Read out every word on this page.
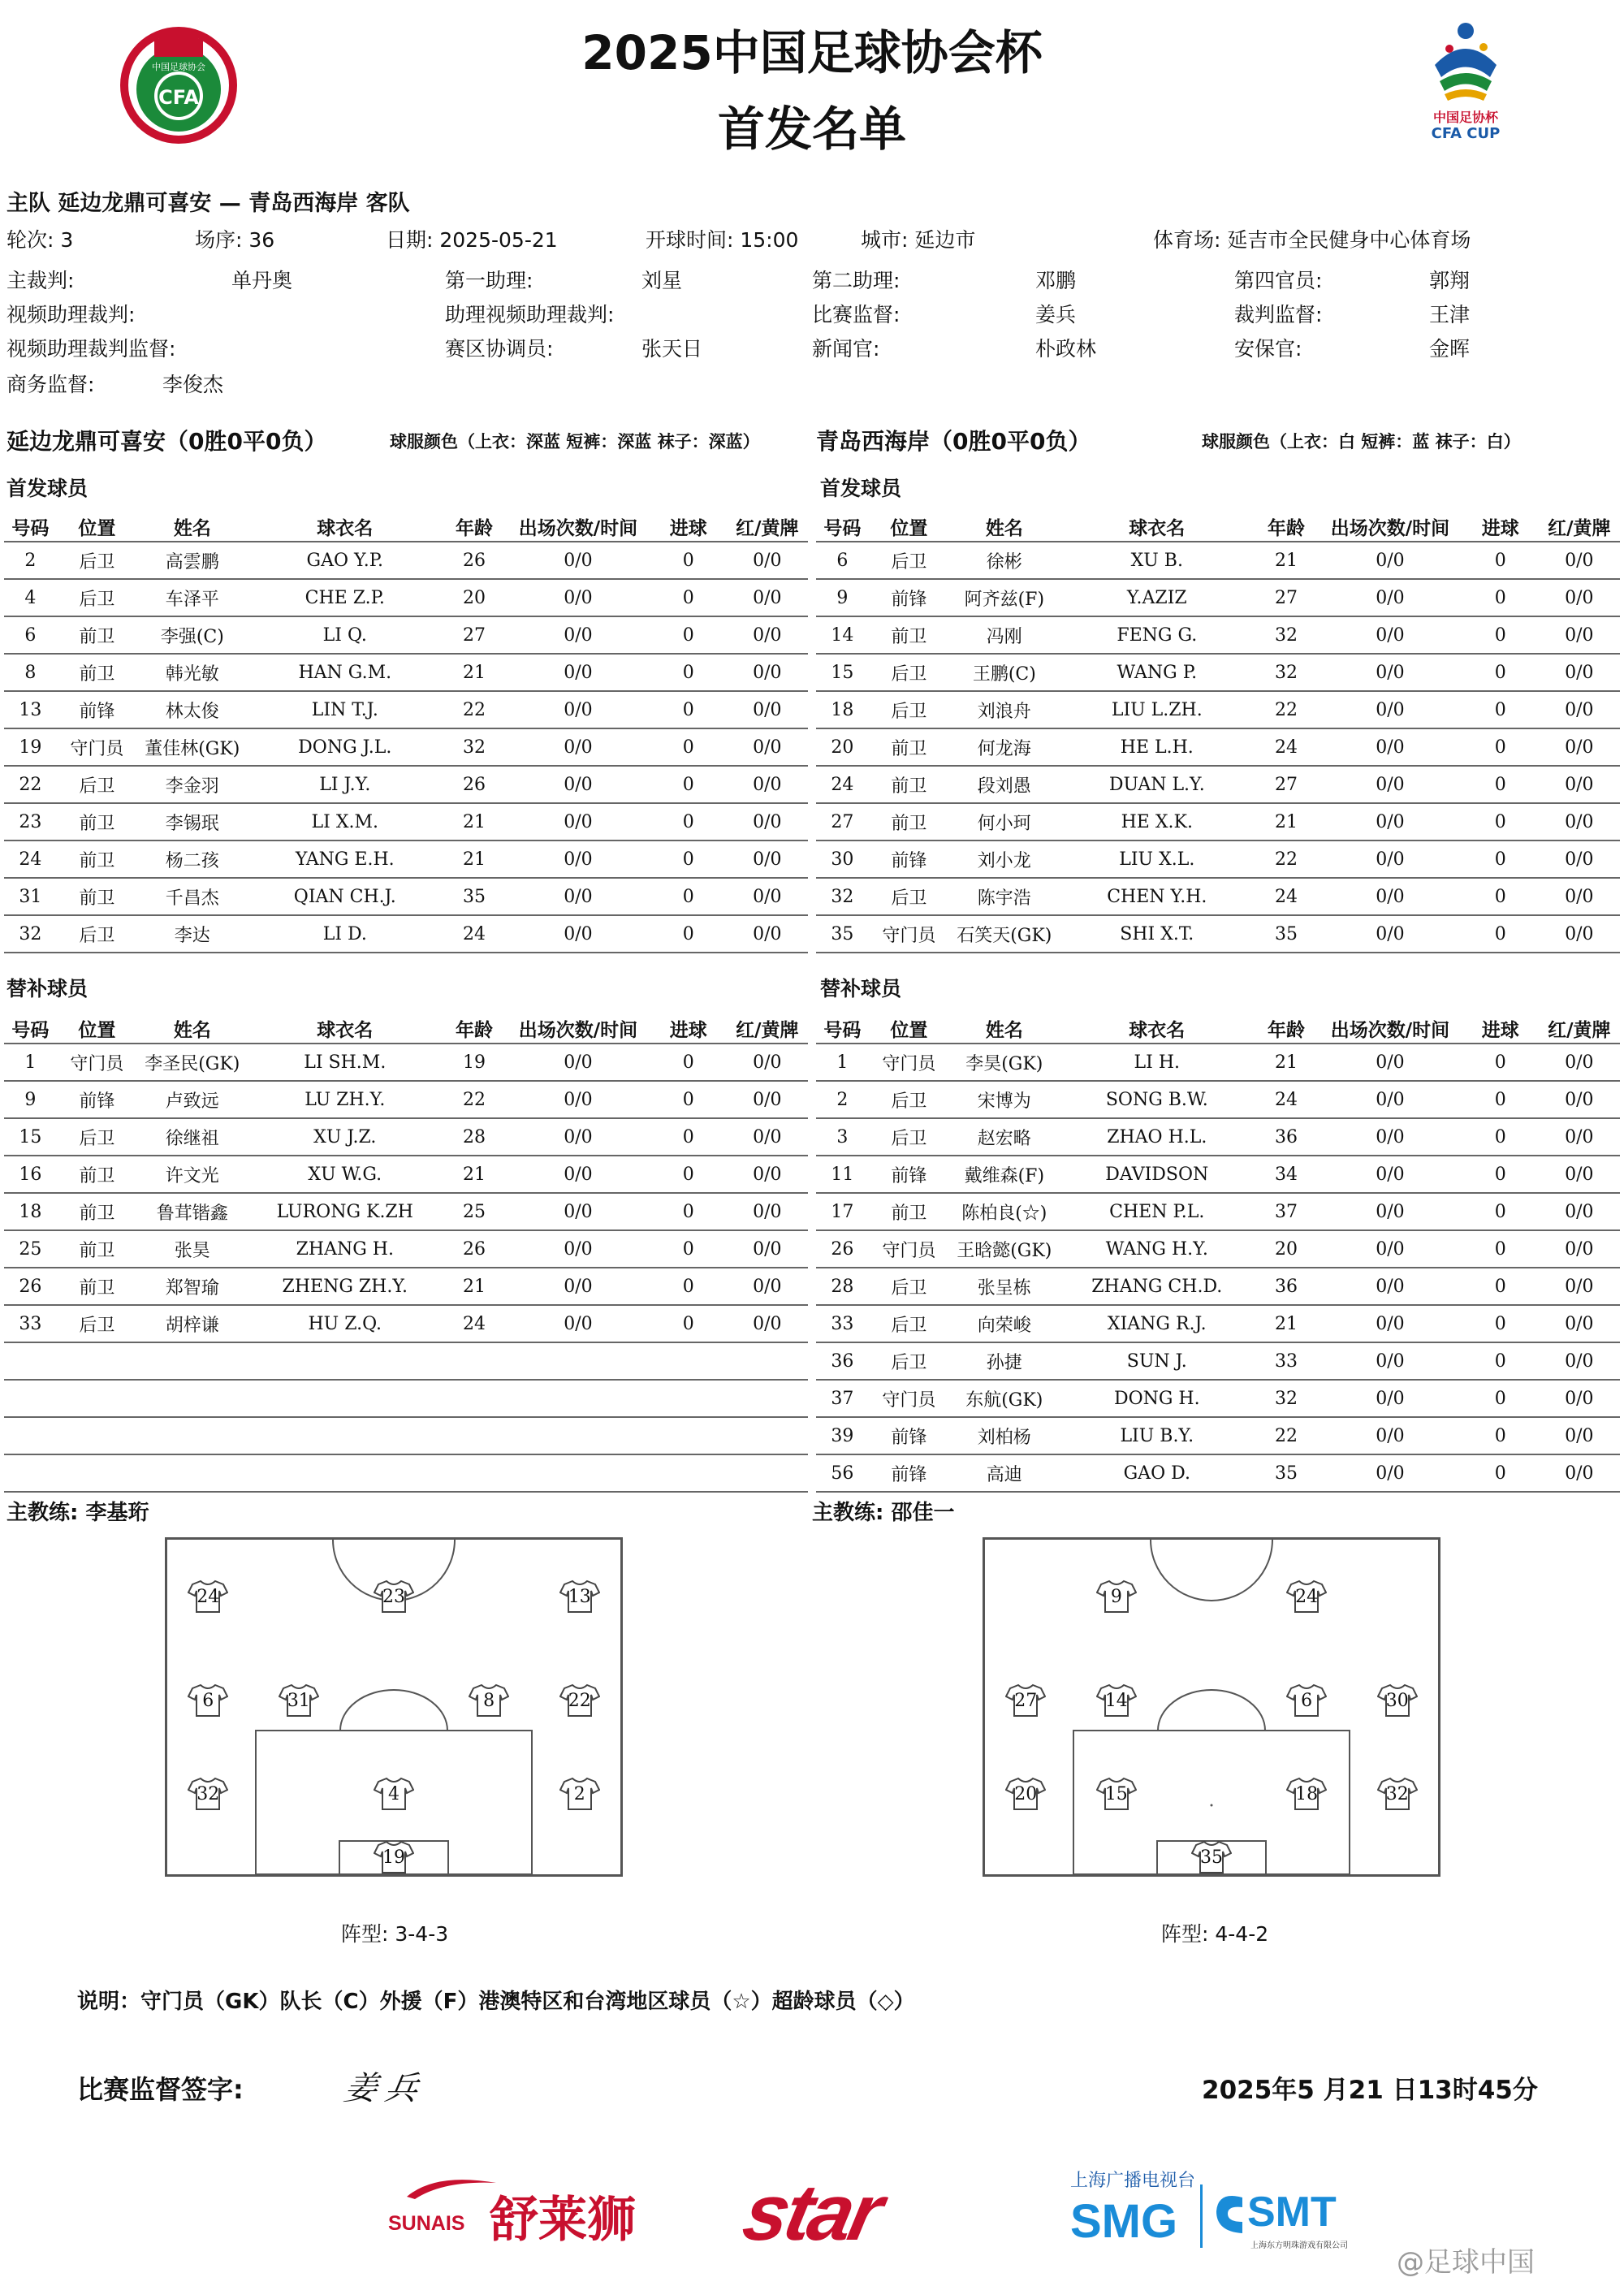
CFA
中国足球协会	2025中国足球协会杯
首发名单	中国足协杯
CFA CUP
主队 延边龙鼎可喜安 — 青岛西海岸 客队
轮次: 3	场序: 36	日期: 2025-05-21	开球时间: 15:00	城市: 延边市	体育场: 延吉市全民健身中心体育场
主裁判:	单丹奥	第一助理:	刘星	第二助理:	邓鹏	第四官员:	郭翔
视频助理裁判:	助理视频助理裁判:	比赛监督:	姜兵	裁判监督:	王津
视频助理裁判监督:	赛区协调员:	张天日	新闻官:	朴政林	安保官:	金晖
商务监督:	李俊杰
延边龙鼎可喜安（0胜0平0负）	球服颜色（上衣：深蓝 短裤：深蓝 袜子：深蓝） 青岛西海岸（0胜0平0负）	球服颜色（上衣：白 短裤：蓝 袜子：白）
首发球员	首发球员
替补球员	替补球员
号码	位置	姓名	球衣名	年龄	出场次数/时间	进球	红/黄牌
2	后卫	高雲鹏	GAO Y.P.	26	0/0	0	0/0
4	后卫	车泽平	CHE Z.P.	20	0/0	0	0/0
6	前卫	李强(C)	LI Q.	27	0/0	0	0/0
8	前卫	韩光敏	HAN G.M.	21	0/0	0	0/0
13	前锋	林太俊	LIN T.J.	22	0/0	0	0/0
19	守门员	董佳林(GK)	DONG J.L.	32	0/0	0	0/0
22	后卫	李金羽	LI J.Y.	26	0/0	0	0/0
23	前卫	李锡珉	LI X.M.	21	0/0	0	0/0
24	前卫	杨二孩	YANG E.H.	21	0/0	0	0/0
31	前卫	千昌杰	QIAN CH.J.	35	0/0	0	0/0
32	后卫	李达	LI D.	24	0/0	0	0/0
号码	位置	姓名	球衣名	年龄	出场次数/时间	进球	红/黄牌
6	后卫	徐彬	XU B.	21	0/0	0	0/0
9	前锋	阿齐兹(F)	Y.AZIZ	27	0/0	0	0/0
14	前卫	冯刚	FENG G.	32	0/0	0	0/0
15	后卫	王鹏(C)	WANG P.	32	0/0	0	0/0
18	后卫	刘浪舟	LIU L.ZH.	22	0/0	0	0/0
20	前卫	何龙海	HE L.H.	24	0/0	0	0/0
24	前卫	段刘愚	DUAN L.Y.	27	0/0	0	0/0
27	前卫	何小珂	HE X.K.	21	0/0	0	0/0
30	前锋	刘小龙	LIU X.L.	22	0/0	0	0/0
32	后卫	陈宇浩	CHEN Y.H.	24	0/0	0	0/0
35	守门员	石笑天(GK)	SHI X.T.	35	0/0	0	0/0
号码	位置	姓名	球衣名	年龄	出场次数/时间	进球	红/黄牌
1	守门员	李圣民(GK)	LI SH.M.	19	0/0	0	0/0
9	前锋	卢致远	LU ZH.Y.	22	0/0	0	0/0
15	后卫	徐继祖	XU J.Z.	28	0/0	0	0/0
16	前卫	许文光	XU W.G.	21	0/0	0	0/0
18	前卫	鲁茸锴鑫	LURONG K.ZH	25	0/0	0	0/0
25	前卫	张昊	ZHANG H.	26	0/0	0	0/0
26	前卫	郑智瑜	ZHENG ZH.Y.	21	0/0	0	0/0
33	后卫	胡梓谦	HU Z.Q.	24	0/0	0	0/0

号码	位置	姓名	球衣名	年龄	出场次数/时间	进球	红/黄牌
1	守门员	李昊(GK)	LI H.	21	0/0	0	0/0
2	后卫	宋博为	SONG B.W.	24	0/0	0	0/0
3	后卫	赵宏略	ZHAO H.L.	36	0/0	0	0/0
11	前锋	戴维森(F)	DAVIDSON	34	0/0	0	0/0
17	前卫	陈柏良(☆)	CHEN P.L.	37	0/0	0	0/0
26	守门员	王晗懿(GK)	WANG H.Y.	20	0/0	0	0/0
28	后卫	张呈栋	ZHANG CH.D.	36	0/0	0	0/0
33	后卫	向荣峻	XIANG R.J.	21	0/0	0	0/0
36	后卫	孙捷	SUN J.	33	0/0	0	0/0
37	守门员	东航(GK)	DONG H.	32	0/0	0	0/0
39	前锋	刘柏杨	LIU B.Y.	22	0/0	0	0/0
56	前锋	高迪	GAO D.	35	0/0	0	0/0
主教练: 李基珩	主教练: 邵佳一
24	23	13
6	31	8	22
32	4	2
19
9	24
27	14	6	30
20	15	18	32
35
阵型: 3-4-3	阵型: 4-4-2
说明：守门员（GK）队长（C）外援（F）港澳特区和台湾地区球员（☆）超龄球员（◇）
比赛监督签字:	姜兵	2025年5 月21 日13时45分
SUNAIS 舒莱狮 star	上海广播电视台
SMG SMT
上海东方明珠游戏有限公司
@足球中国
